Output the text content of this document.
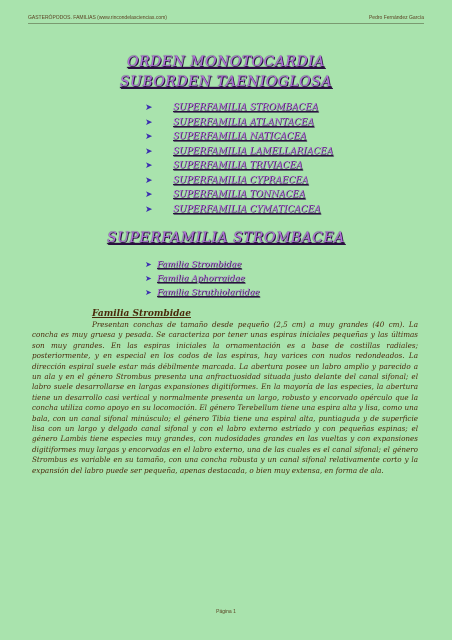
GASTERÓPODOS. FAMILIAS (www.rincondelasciencias.com)	Pedro Fernández García
ORDEN MONOTOCARDIA
SUBORDEN TAENIOGLOSA
➤ SUPERFAMILIA STROMBACEA
➤ SUPERFAMILIA ATLANTACEA
➤ SUPERFAMILIA NATICACEA
➤ SUPERFAMILIA LAMELLARIACEA
➤ SUPERFAMILIA TRIVIACEA
➤ SUPERFAMILIA CYPRAECEA
➤ SUPERFAMILIA TONNACEA
➤ SUPERFAMILIA CYMATICACEA
SUPERFAMILIA STROMBACEA
➤ Familia Strombidae
➤ Familia Aphorraidae
➤ Familia Struthiolariidae
Familia Strombidae

Presentan conchas de tamaño desde pequeño (2,5 cm) a muy grandes (40 cm). La concha es muy gruesa y pesada. Se caracteriza por tener unas espiras iniciales pequeñas y las últimas son muy grandes. En las espiras iniciales la ornamentación es a base de costillas radiales; posteriormente, y en especial en los codos de las espiras, hay varices con nudos redondeados. La dirección espiral suele estar más débilmente marcada. La abertura posee un labro amplio y parecido a un ala y en el género Strombus presenta una anfractuosidad situada justo delante del canal sifonal; el labro suele desarrollarse en largas expansiones digitiformes. En la mayoría de las especies, la abertura tiene un desarrollo casi vertical y normalmente presenta un largo, robusto y encorvado opérculo que la concha utiliza como apoyo en su locomoción. El género Terebellum tiene una espira alta y lisa, como una bala, con un canal sifonal minúsculo; el género Tibia tiene una espiral alta, puntiaguda y de superficie lisa con un largo y delgado canal sifonal y con el labro externo estriado y con pequeñas espinas; el género Lambis tiene especies muy grandes, con nudosidades grandes en las vueltas y con expansiones digitiformes muy largas y encorvadas en el labro externo, una de las cuales es el canal sifonal; el género Strombus es variable en su tamaño, con una concha robusta y un canal sifonal relativamente corto y la expansión del labro puede ser pequeña, apenas destacada, o bien muy extensa, en forma de ala.

Página 1
